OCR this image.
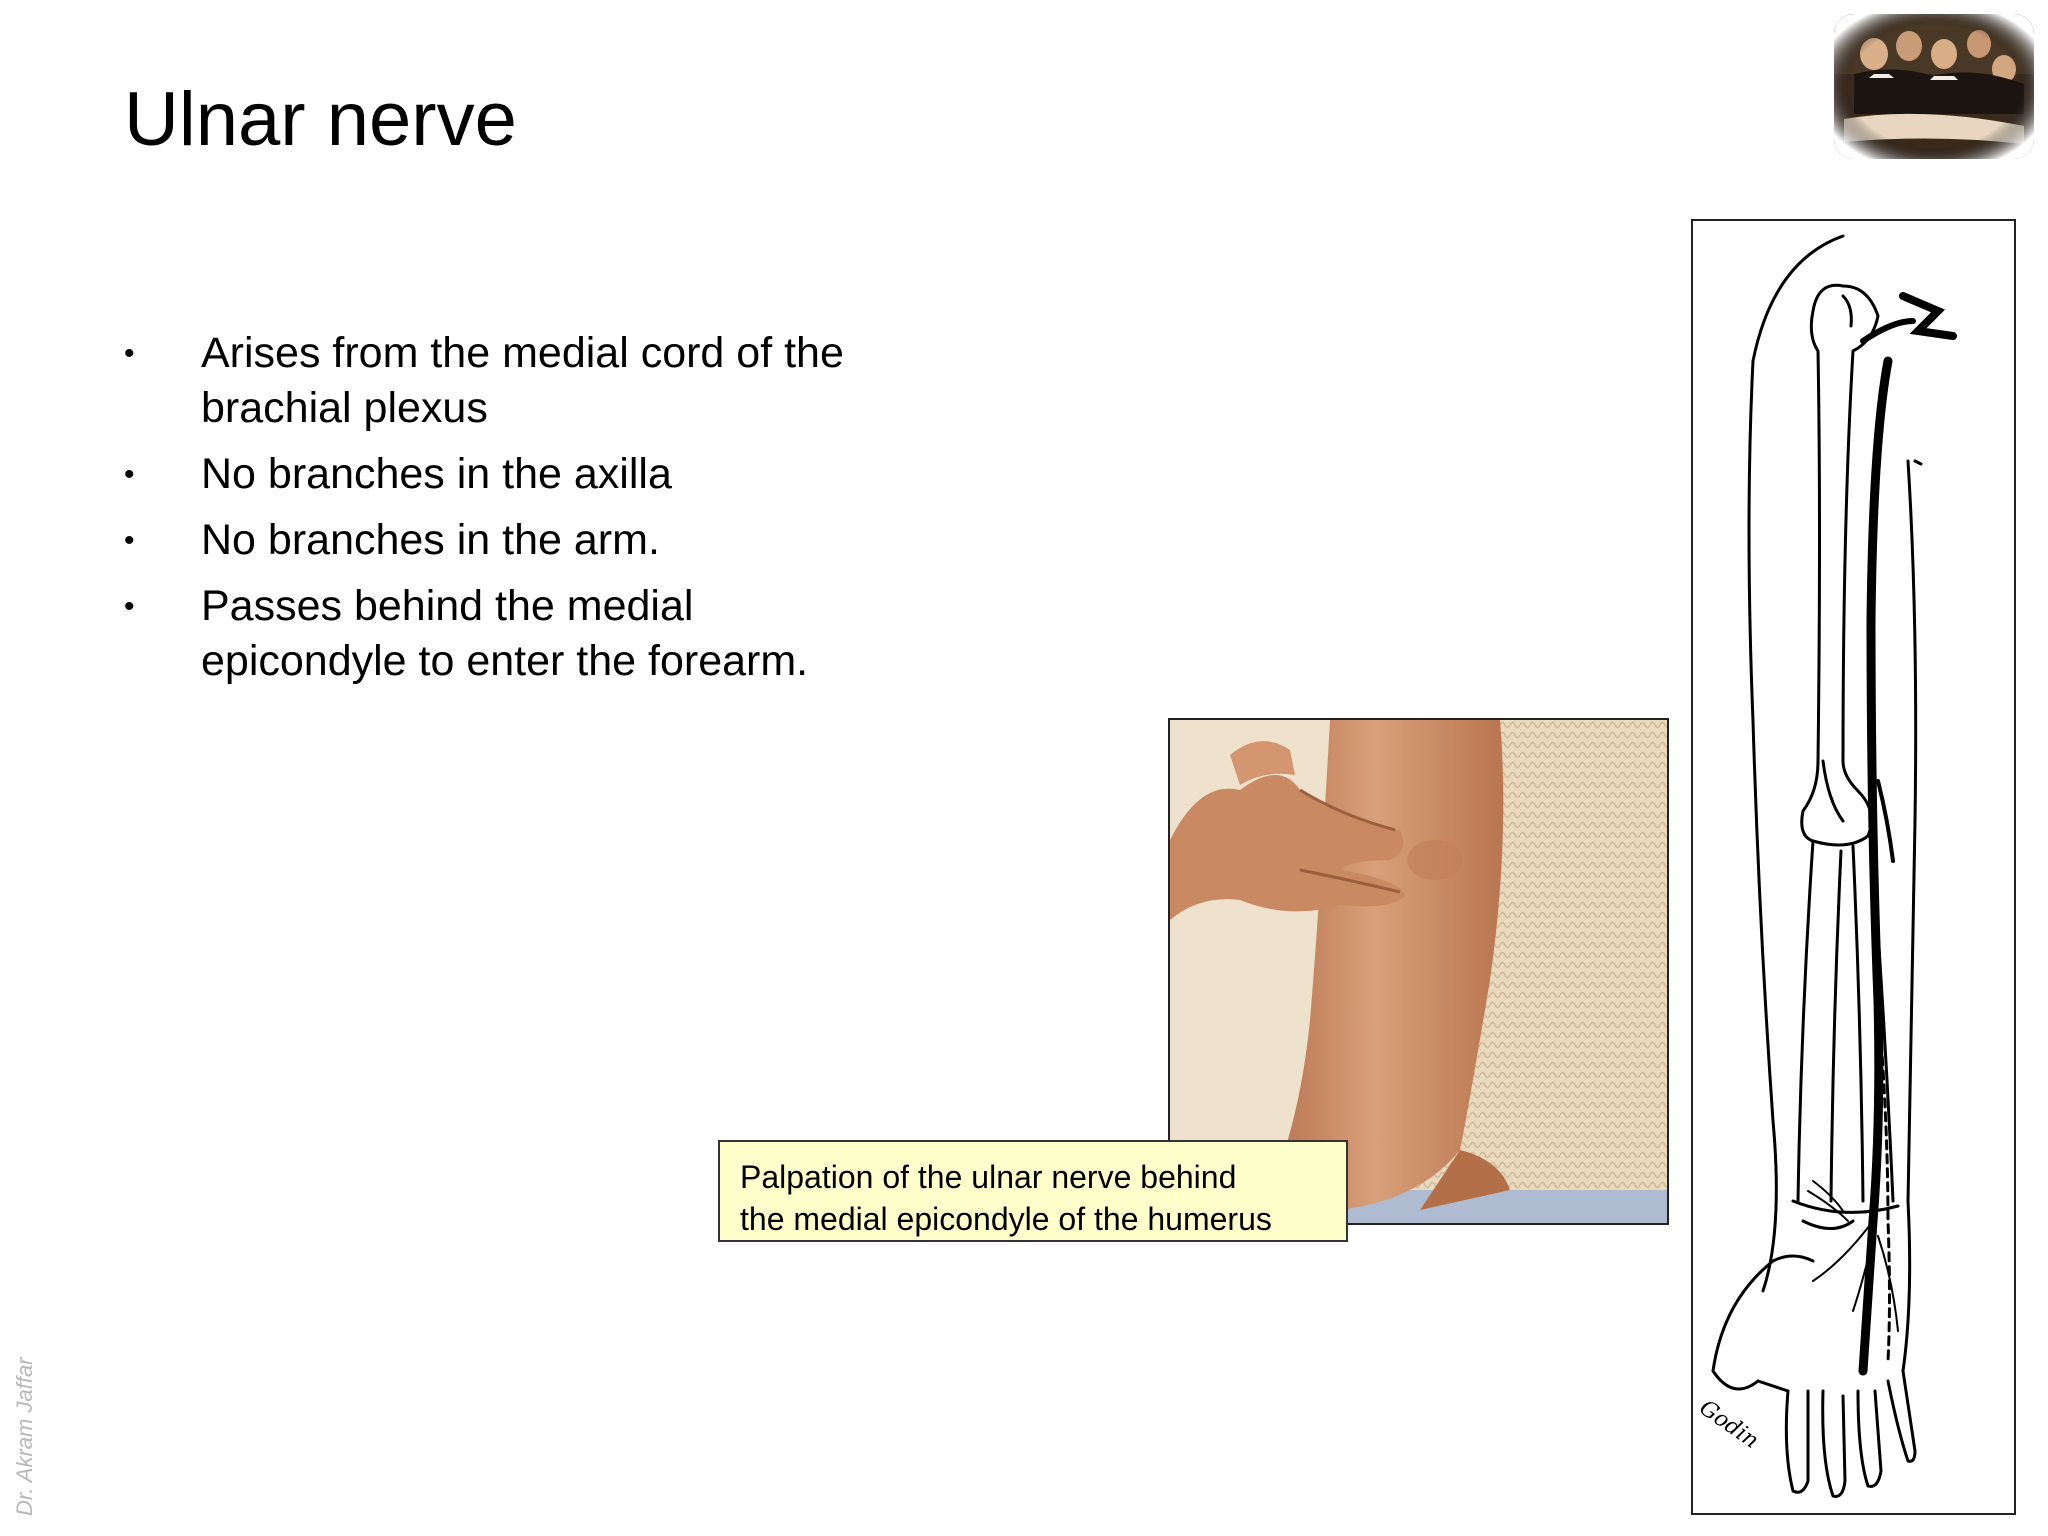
Ulnar nerve
• Arises from the medial cord of the brachial plexus
• No branches in the axilla
• No branches in the arm.
• Passes behind the medial epicondyle to enter the forearm.
Palpation of the ulnar nerve behind
the medial epicondyle of the humerus
Godin
Dr. Akram Jaffar
